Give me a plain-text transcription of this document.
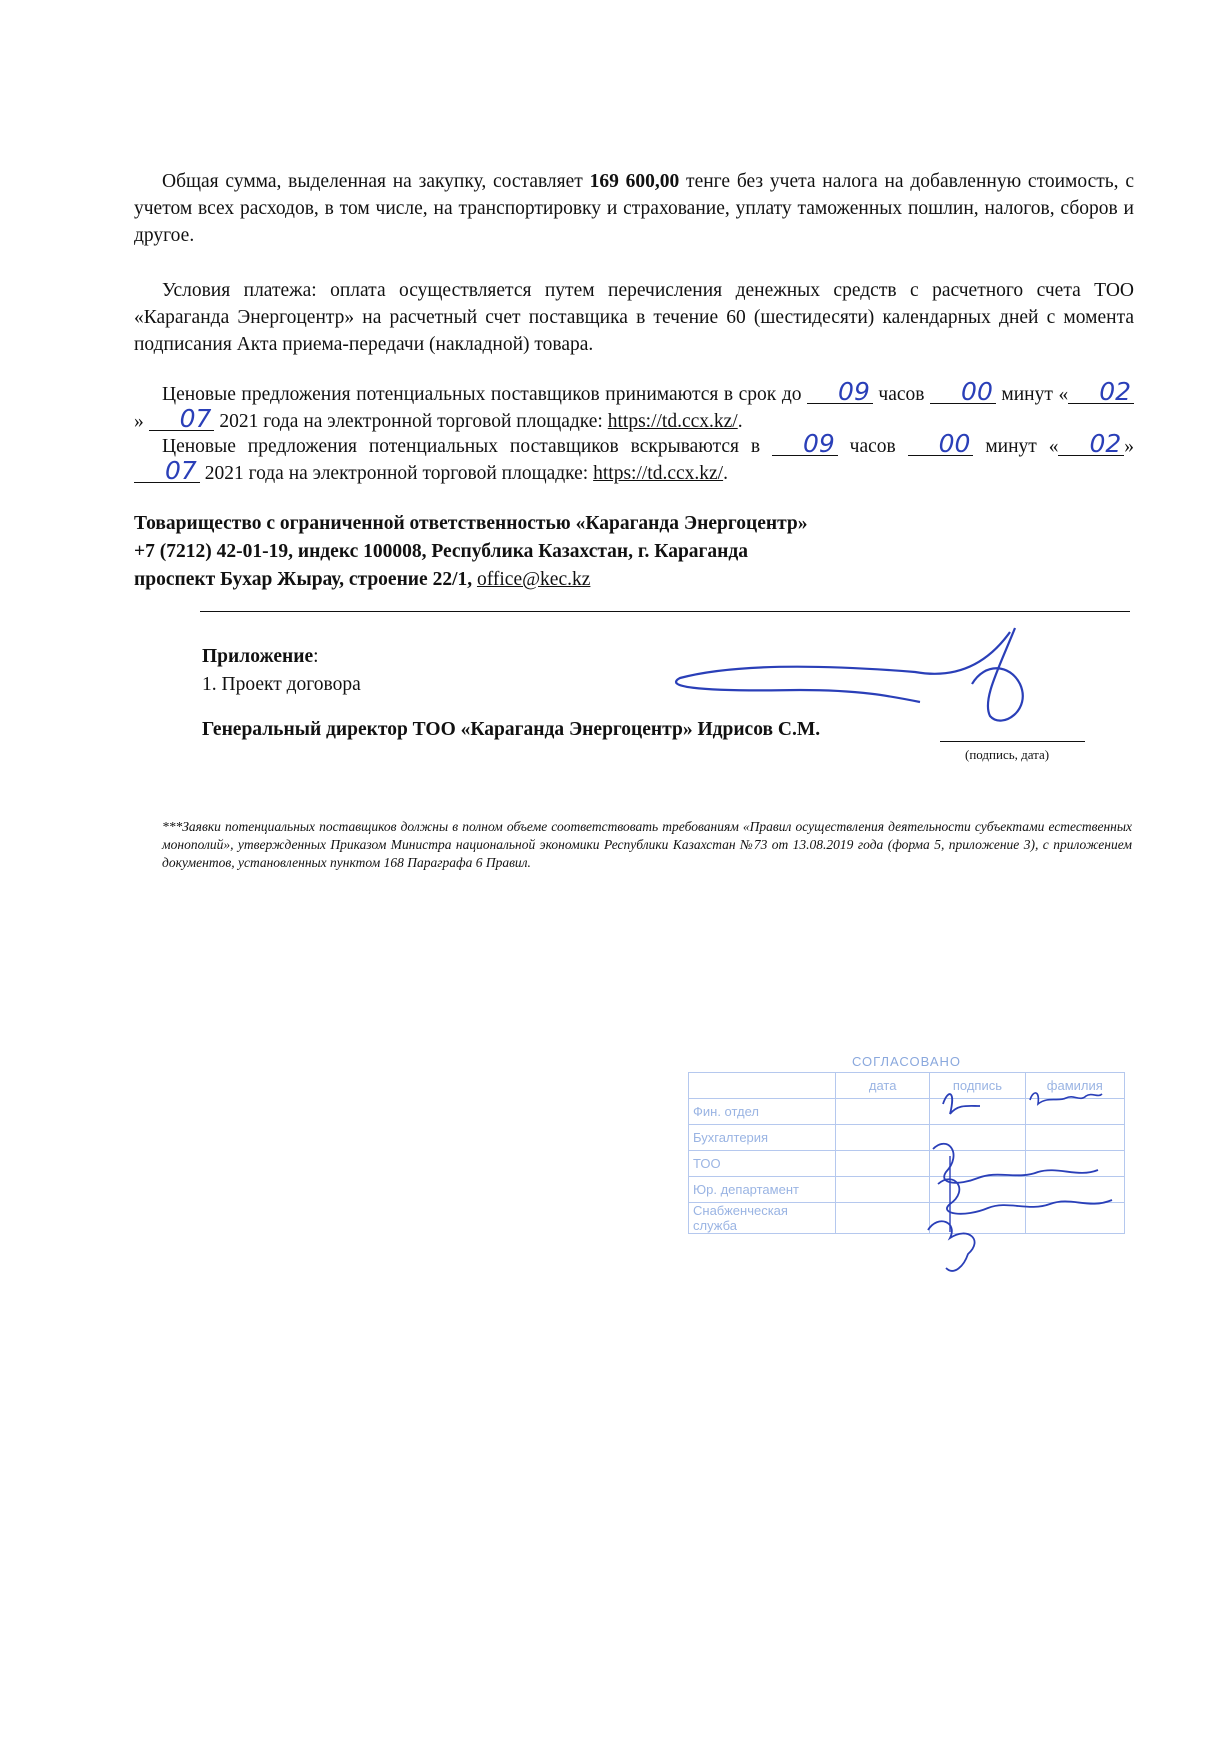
Общая сумма, выделенная на закупку, составляет 169 600,00 тенге без учета налога на добавленную стоимость, с учетом всех расходов, в том числе, на транспортировку и страхование, уплату таможенных пошлин, налогов, сборов и другое.
Условия платежа: оплата осуществляется путем перечисления денежных средств с расчетного счета ТОО «Караганда Энергоцентр» на расчетный счет поставщика в течение 60 (шестидесяти) календарных дней с момента подписания Акта приема-передачи (накладной) товара.
Ценовые предложения потенциальных поставщиков принимаются в срок до 09 часов 00 минут « 02» 07 2021 года на электронной торговой площадке: https://td.ccx.kz/.
Ценовые предложения потенциальных поставщиков вскрываются в 09 часов 00 минут « 02 » 07 2021 года на электронной торговой площадке: https://td.ccx.kz/.
Товарищество с ограниченной ответственностью «Караганда Энергоцентр»
+7 (7212) 42-01-19, индекс 100008, Республика Казахстан, г. Караганда
проспект Бухар Жырау, строение 22/1, office@kec.kz
Приложение:
1. Проект договора
Генеральный директор ТОО «Караганда Энергоцентр» Идрисов С.М.
(подпись, дата)
***Заявки потенциальных поставщиков должны в полном объеме соответствовать требованиям «Правил осуществления деятельности субъектами естественных монополий», утвержденных Приказом Министра национальной экономики Республики Казахстан №73 от 13.08.2019 года (форма 5, приложение 3), с приложением документов, установленных пунктом 168 Параграфа 6 Правил.
СОГЛАСОВАНО
	дата	подпись	фамилия
Фин. отдел			
Бухгалтерия			
ТОО			
Юр. департамент			
Снабженческая служба			
